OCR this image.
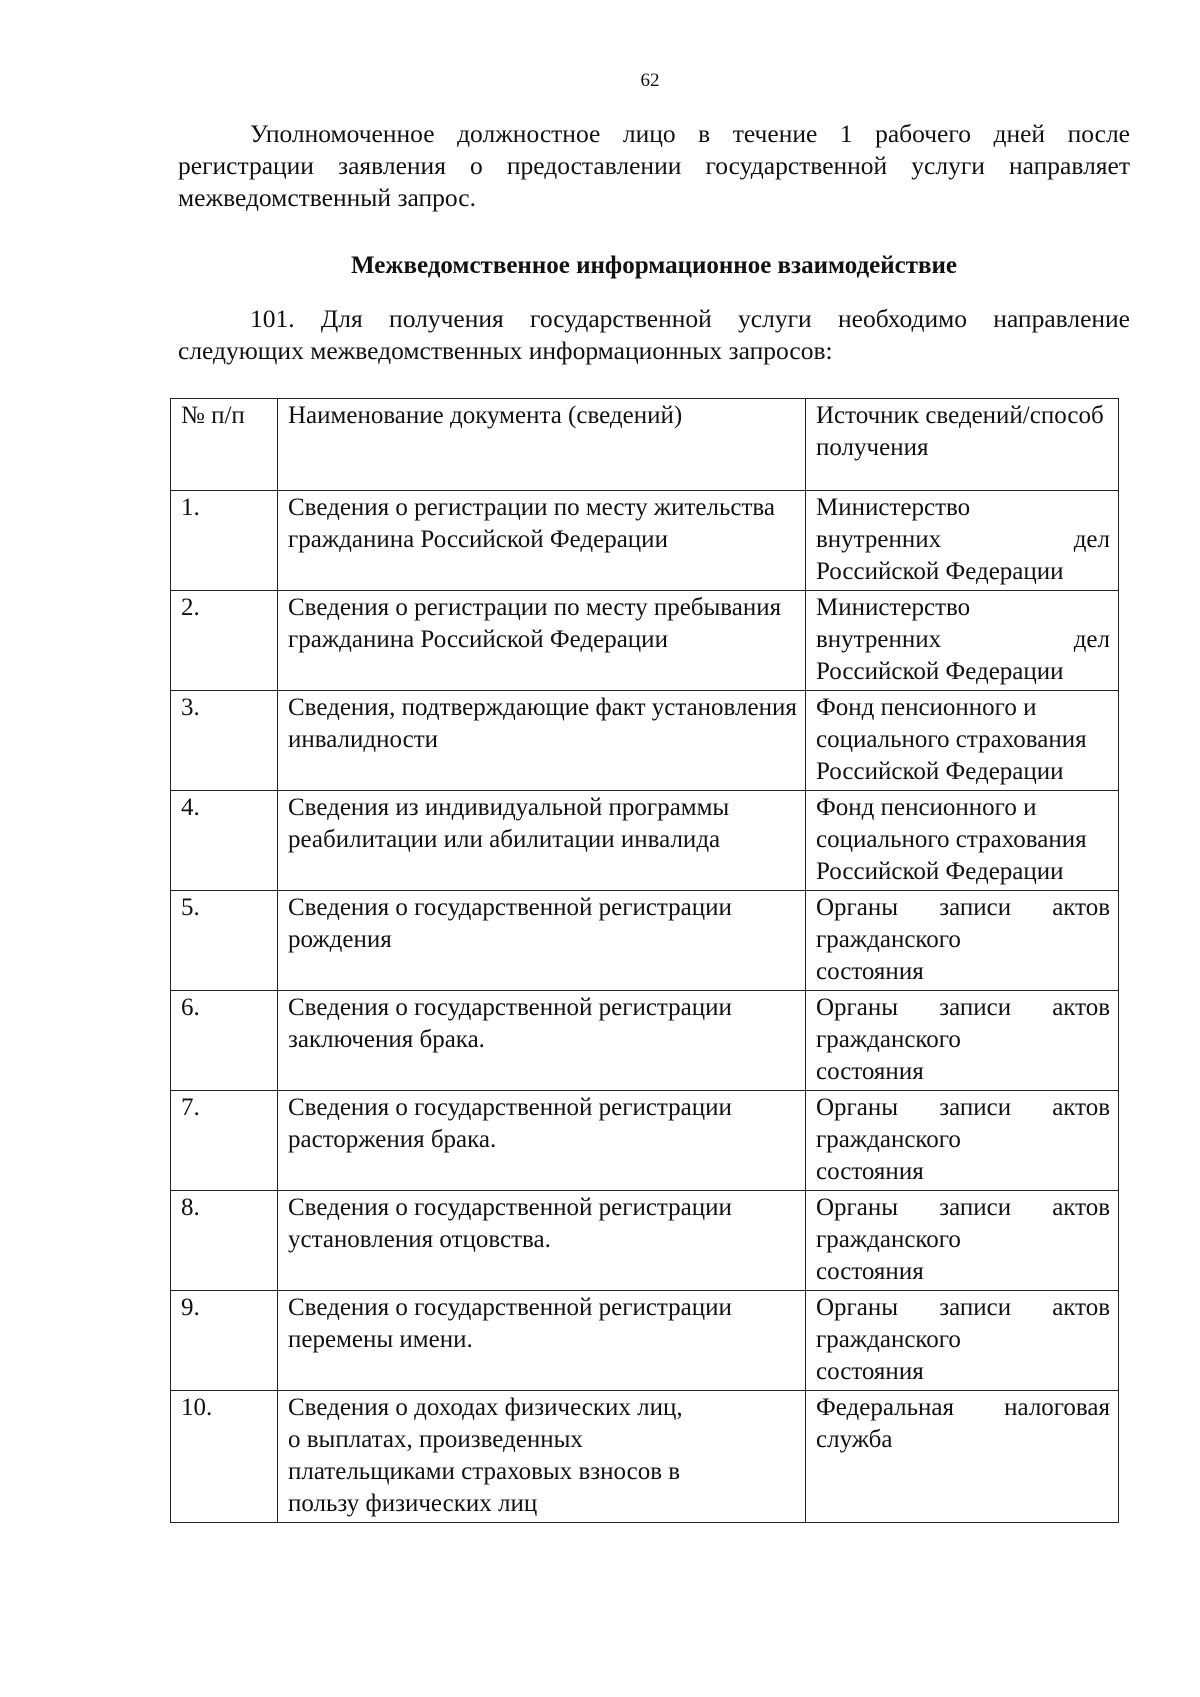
62
Уполномоченное должностное лицо в течение 1 рабочего дней после регистрации заявления о предоставлении государственной услуги направляет межведомственный запрос.
Межведомственное информационное взаимодействие
101. Для получения государственной услуги необходимо направление следующих межведомственных информационных запросов:
№ п/п	Наименование документа (сведений)	Источник сведений/способ получения
1.	Сведения о регистрации по месту жительства гражданина Российской Федерации	Министерство
внутренних дел
Российской Федерации

2.	Сведения о регистрации по месту пребывания гражданина Российской Федерации	Министерство
внутренних дел
Российской Федерации

3.	Сведения, подтверждающие факт установления инвалидности	Фонд пенсионного и социального страхования Российской Федерации
4.	Сведения из индивидуальной программы реабилитации или абилитации инвалида	Фонд пенсионного и социального страхования Российской Федерации
5.	Сведения о государственной регистрации рождения	Органы записи актов
гражданского состояния

6.	Сведения о государственной регистрации заключения брака.	Органы записи актов
гражданского состояния

7.	Сведения о государственной регистрации расторжения брака.	Органы записи актов
гражданского состояния

8.	Сведения о государственной регистрации установления отцовства.	Органы записи актов
гражданского состояния

9.	Сведения о государственной регистрации перемены имени.	Органы записи актов
гражданского состояния

10.	Сведения о доходах физических лиц, о выплатах, произведенных плательщиками страховых взносов в пользу физических лиц	Федеральная налоговая
служба
